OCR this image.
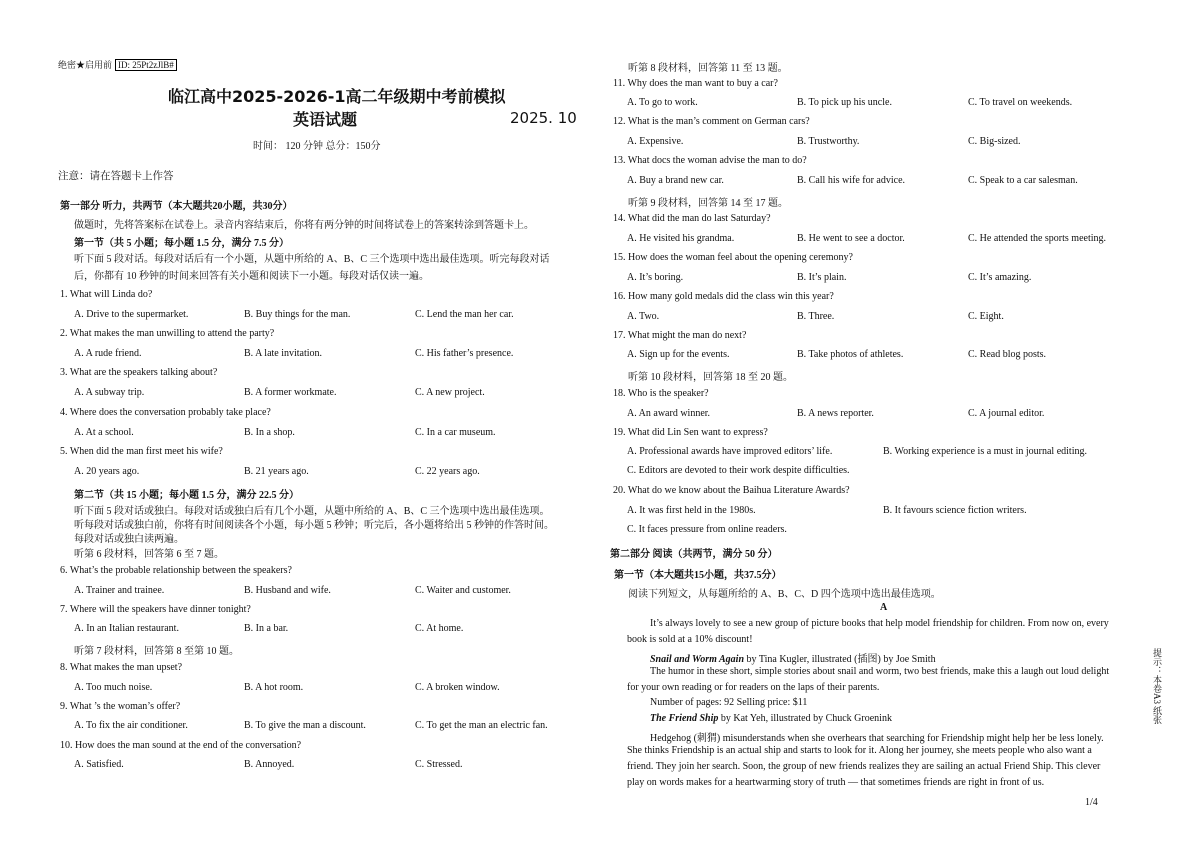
绝密★启用前 ID: 25Pt2zJlB#
临江高中2025-2026-1高二年级期中考前模拟
英语试题	2025. 10
时间： 120 分钟 总分：150分
注意：请在答题卡上作答
第一部分 听力，共两节（本大题共20小题，共30分）
做题时，先将答案标在试卷上。录音内容结束后，你将有两分钟的时间将试卷上的答案转涂到答题卡上。
第一节（共 5 小题；每小题 1.5 分，满分 7.5 分）
听下面 5 段对话。每段对话后有一个小题，从题中所给的 A、B、C 三个选项中选出最佳选项。听完每段对话
后，你都有 10 秒钟的时间来回答有关小题和阅读下一小题。每段对话仅读一遍。
1. What will Linda do?
A. Drive to the supermarket.	B. Buy things for the man.	C. Lend the man her car.
2. What makes the man unwilling to attend the party?
A. A rude friend.	B. A late invitation.	C. His father’s presence.
3. What are the speakers talking about?
A. A subway trip.	B. A former workmate.	C. A new project.
4. Where does the conversation probably take place?
A. At a school.	B. In a shop.	C. In a car museum.
5. When did the man first meet his wife?
A. 20 years ago.	B. 21 years ago.	C. 22 years ago.
第二节（共 15 小题；每小题 1.5 分，满分 22.5 分）
听下面 5 段对话或独白。每段对话或独白后有几个小题，从题中所给的 A、B、C 三个选项中选出最佳选项。
听每段对话或独白前，你将有时间阅读各个小题，每小题 5 秒钟；听完后，各小题将给出 5 秒钟的作答时间。
每段对话或独白读两遍。
听第 6 段材料，回答第 6 至 7 题。
6. What’s the probable relationship between the speakers?
A. Trainer and trainee.	B. Husband and wife.	C. Waiter and customer.
7. Where will the speakers have dinner tonight?
A. In an Italian restaurant.	B. In a bar.	C. At home.
听第 7 段材料，回答第 8 至第 10 题。
8. What makes the man upset?
A. Too much noise.	B. A hot room.	C. A broken window.
9. What ’s the woman’s offer?
A. To fix the air conditioner.	B. To give the man a discount.	C. To get the man an electric fan.
10. How does the man sound at the end of the conversation?
A. Satisfied.	B. Annoyed.	C. Stressed.
听第 8 段材料，回答第 11 至 13 题。
11. Why does the man want to buy a car?
A. To go to work.	B. To pick up his uncle.	C. To travel on weekends.
12. What is the man’s comment on German cars?
A. Expensive.	B. Trustworthy.	C. Big-sized.
13. What docs the woman advise the man to do?
A. Buy a brand new car.	B. Call his wife for advice.	C. Speak to a car salesman.
听第 9 段材料，回答第 14 至 17 题。
14. What did the man do last Saturday?
A. He visited his grandma.	B. He went to see a doctor.	C. He attended the sports meeting.
15. How does the woman feel about the opening ceremony?
A. It’s boring.	B. It’s plain.	C. It’s amazing.
16. How many gold medals did the class win this year?
A. Two.	B. Three.	C. Eight.
17. What might the man do next?
A. Sign up for the events.	B. Take photos of athletes.	C. Read blog posts.
听第 10 段材料，回答第 18 至 20 题。
18. Who is the speaker?
A. An award winner.	B. A news reporter.	C. A journal editor.
19. What did Lin Sen want to express?
A. Professional awards have improved editors’ life.	B. Working experience is a must in journal editing.
C. Editors are devoted to their work despite difficulties.
20. What do we know about the Baihua Literature Awards?
A. It was first held in the 1980s.	B. It favours science fiction writers.
C. It faces pressure from online readers.
第二部分 阅读（共两节，满分 50 分）
第一节（本大题共15小题，共37.5分）
阅读下列短文，从每题所给的 A、B、C、D 四个选项中选出最佳选项。
A
It’s always lovely to see a new group of picture books that help model friendship for children. From now on, every
book is sold at a 10% discount!
Snail and Worm Again by Tina Kugler, illustrated (插图) by Joe Smith
The humor in these short, simple stories about snail and worm, two best friends, make this a laugh out loud delight
for your own reading or for readers on the laps of their parents.
Number of pages: 92 Selling price: $11
The Friend Ship by Kat Yeh, illustrated by Chuck Groenink
Hedgehog (刺猬) misunderstands when she overhears that searching for Friendship might help her be less lonely.
She thinks Friendship is an actual ship and starts to look for it. Along her journey, she meets people who also want a
friend. They join her search. Soon, the group of new friends realizes they are sailing an actual Friend Ship. This clever
play on words makes for a heartwarming story of truth — that sometimes friends are right in front of us.
提示：本卷A3 纸张
1/4
